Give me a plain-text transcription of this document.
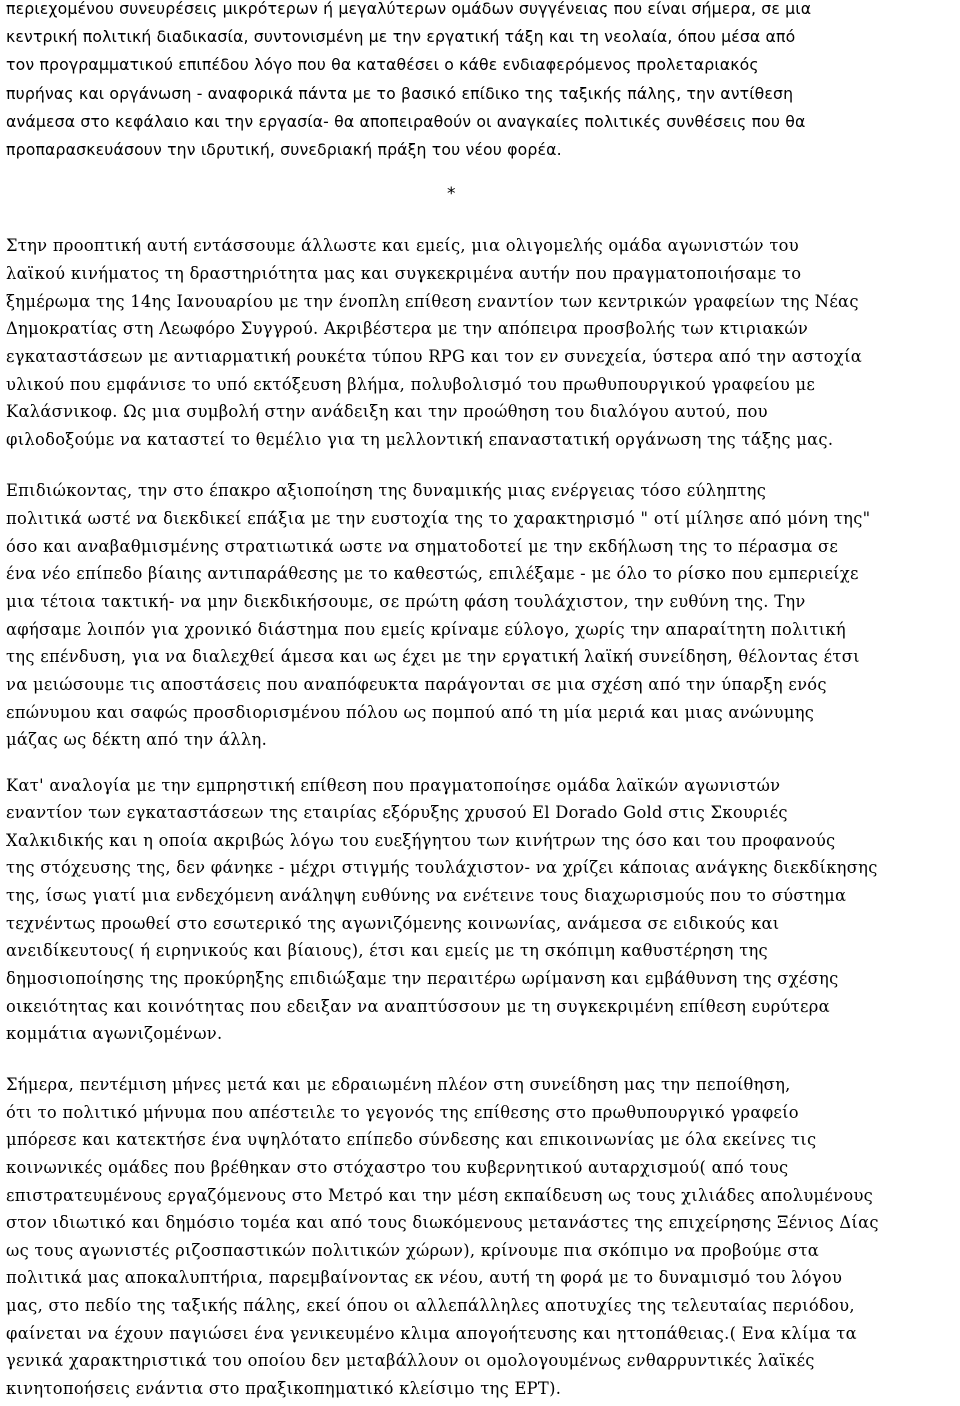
περιεχομένου συνευρέσεις μικρότερων ή μεγαλύτερων ομάδων συγγένειας που είναι σήμερα, σε μια
κεντρική πολιτική διαδικασία, συντονισμένη με την εργατική τάξη και τη νεολαία, όπου μέσα από
τον προγραμματικού επιπέδου λόγο που θα καταθέσει ο κάθε ενδιαφερόμενος προλεταριακός
πυρήνας και οργάνωση - αναφορικά πάντα με το βασικό επίδικο της ταξικής πάλης, την αντίθεση
ανάμεσα στο κεφάλαιο και την εργασία- θα αποπειραθούν οι αναγκαίες πολιτικές συνθέσεις που θα
προπαρασκευάσουν την ιδρυτική, συνεδριακή πράξη του νέου φορέα.
*
Στην προοπτική αυτή εντάσσουμε άλλωστε και εμείς, μια ολιγομελής ομάδα αγωνιστών του
λαϊκού κινήματος τη δραστηριότητα μας και συγκεκριμένα αυτήν που πραγματοποιήσαμε το
ξημέρωμα της 14ης Ιανουαρίου με την ένοπλη επίθεση εναντίον των κεντρικών γραφείων της Νέας
Δημοκρατίας στη Λεωφόρο Συγγρού. Ακριβέστερα με την απόπειρα προσβολής των κτιριακών
εγκαταστάσεων με αντιαρματική ρουκέτα τύπου RPG και τον εν συνεχεία, ύστερα από την αστοχία
υλικού που εμφάνισε το υπό εκτόξευση βλήμα, πολυβολισμό του πρωθυπουργικού γραφείου με
Καλάσνικοφ. Ως μια συμβολή στην ανάδειξη και την προώθηση του διαλόγου αυτού, που
φιλοδοξούμε να καταστεί το θεμέλιο για τη μελλοντική επαναστατική οργάνωση της τάξης μας.
Επιδιώκοντας, την στο έπακρο αξιοποίηση της δυναμικής μιας ενέργειας τόσο εύληπτης
πολιτικά ωστέ να διεκδικεί επάξια με την ευστοχία της το χαρακτηρισμό " οτί μίλησε από μόνη της"
όσο και αναβαθμισμένης στρατιωτικά ωστε να σηματοδοτεί με την εκδήλωση της το πέρασμα σε
ένα νέο επίπεδο βίαιης αντιπαράθεσης με το καθεστώς, επιλέξαμε - με όλο το ρίσκο που εμπεριείχε
μια τέτοια τακτική- να μην διεκδικήσουμε, σε πρώτη φάση τουλάχιστον, την ευθύνη της. Την
αφήσαμε λοιπόν για χρονικό διάστημα που εμείς κρίναμε εύλογο, χωρίς την απαραίτητη πολιτική
της επένδυση, για να διαλεχθεί άμεσα και ως έχει με την εργατική λαϊκή συνείδηση, θέλοντας έτσι
να μειώσουμε τις αποστάσεις που αναπόφευκτα παράγονται σε μια σχέση από την ύπαρξη ενός
επώνυμου και σαφώς προσδιορισμένου πόλου ως πομπού από τη μία μεριά και μιας ανώνυμης
μάζας ως δέκτη από την άλλη.
Κατ' αναλογία με την εμπρηστική επίθεση που πραγματοποίησε ομάδα λαϊκών αγωνιστών
εναντίον των εγκαταστάσεων της εταιρίας εξόρυξης χρυσού El Dorado Gold στις Σκουριές
Χαλκιδικής και η οποία ακριβώς λόγω του ευεξήγητου των κινήτρων της όσο και του προφανούς
της στόχευσης της, δεν φάνηκε - μέχρι στιγμής τουλάχιστον- να χρίζει κάποιας ανάγκης διεκδίκησης
της, ίσως γιατί μια ενδεχόμενη ανάληψη ευθύνης να ενέτεινε τους διαχωρισμούς που το σύστημα
τεχνέντως προωθεί στο εσωτερικό της αγωνιζόμενης κοινωνίας, ανάμεσα σε ειδικούς και
ανειδίκευτους( ή ειρηνικούς και βίαιους), έτσι και εμείς με τη σκόπιμη καθυστέρηση της
δημοσιοποίησης της προκύρηξης επιδιώξαμε την περαιτέρω ωρίμανση και εμβάθυνση της σχέσης
οικειότητας και κοινότητας που εδειξαν να αναπτύσσουν με τη συγκεκριμένη επίθεση ευρύτερα
κομμάτια αγωνιζομένων.
Σήμερα, πεντέμιση μήνες μετά και με εδραιωμένη πλέον στη συνείδηση μας την πεποίθηση,
ότι το πολιτικό μήνυμα που απέστειλε το γεγονός της επίθεσης στο πρωθυπουργικό γραφείο
μπόρεσε και κατεκτήσε ένα υψηλότατο επίπεδο σύνδεσης και επικοινωνίας με όλα εκείνες τις
κοινωνικές ομάδες που βρέθηκαν στο στόχαστρο του κυβερνητικού αυταρχισμού( από τους
επιστρατευμένους εργαζόμενους στο Μετρό και την μέση εκπαίδευση ως τους χιλιάδες απολυμένους
στον ιδιωτικό και δημόσιο τομέα και από τους διωκόμενους μετανάστες της επιχείρησης Ξένιος Δίας
ως τους αγωνιστές ριζοσπαστικών πολιτικών χώρων), κρίνουμε πια σκόπιμο να προβούμε στα
πολιτικά μας αποκαλυπτήρια, παρεμβαίνοντας εκ νέου, αυτή τη φορά με το δυναμισμό του λόγου
μας, στο πεδίο της ταξικής πάλης, εκεί όπου οι αλλεπάλληλες αποτυχίες της τελευταίας περιόδου,
φαίνεται να έχουν παγιώσει ένα γενικευμένο κλιμα απογοήτευσης και ηττοπάθειας.( Ενα κλίμα τα
γενικά χαρακτηριστικά του οποίου δεν μεταβάλλουν οι ομολογουμένως ενθαρρυντικές λαϊκές
κινητοποήσεις ενάντια στο πραξικοπηματικό κλείσιμο της ΕΡΤ).
